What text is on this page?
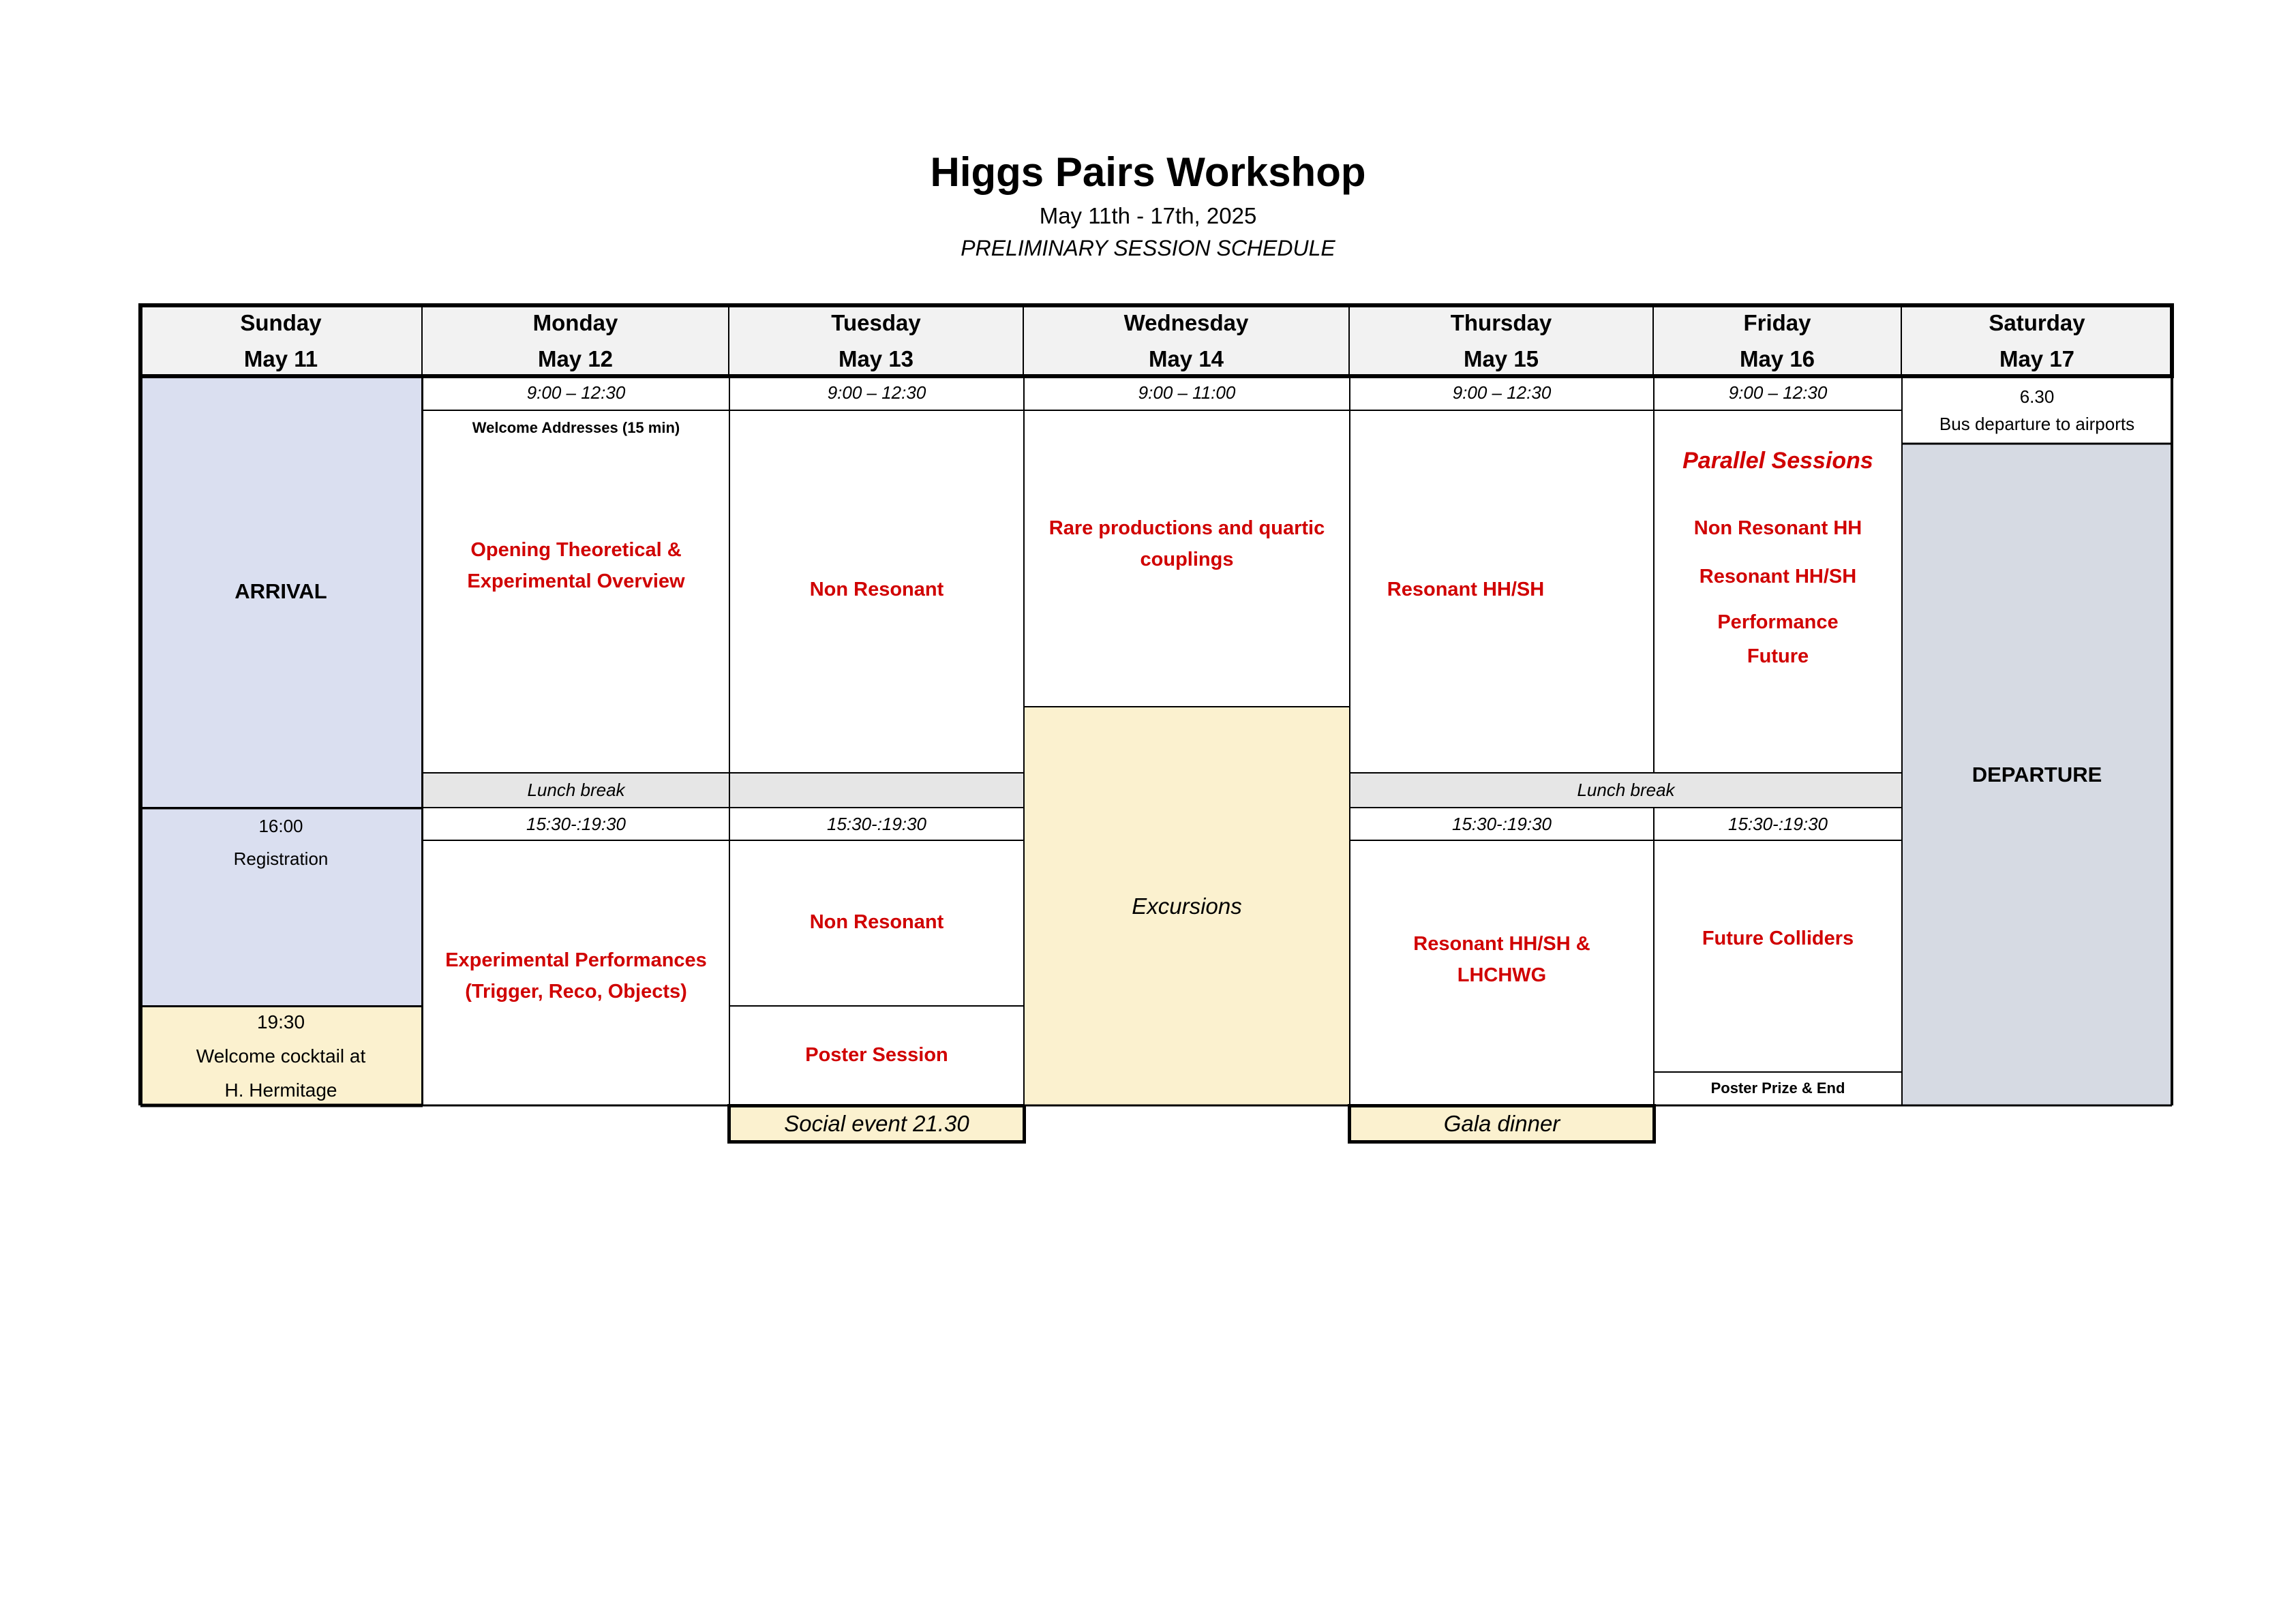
Higgs Pairs Workshop
May 11th - 17th, 2025
PRELIMINARY SESSION SCHEDULE
Sunday
May 11
Monday
May 12
Tuesday
May 13
Wednesday
May 14
Thursday
May 15
Friday
May 16
Saturday
May 17
ARRIVAL
16:00
Registration
19:30
Welcome cocktail at
H. Hermitage
9:00 – 12:30
Welcome Addresses (15 min)
Opening Theoretical &
Experimental Overview
Lunch break
15:30-:19:30
Experimental Performances
(Trigger, Reco, Objects)
9:00 – 12:30
Non Resonant
15:30-:19:30
Non Resonant
Poster Session
Social event 21.30
9:00 – 11:00
Rare productions and quartic
couplings
Excursions
9:00 – 12:30
Resonant HH/SH
Lunch break
15:30-:19:30
Resonant HH/SH &
LHCHWG
Gala dinner
9:00 – 12:30
Parallel Sessions
Non Resonant HH
Resonant HH/SH
Performance
Future
15:30-:19:30
Future Colliders
Poster Prize & End
6.30
Bus departure to airports
DEPARTURE
